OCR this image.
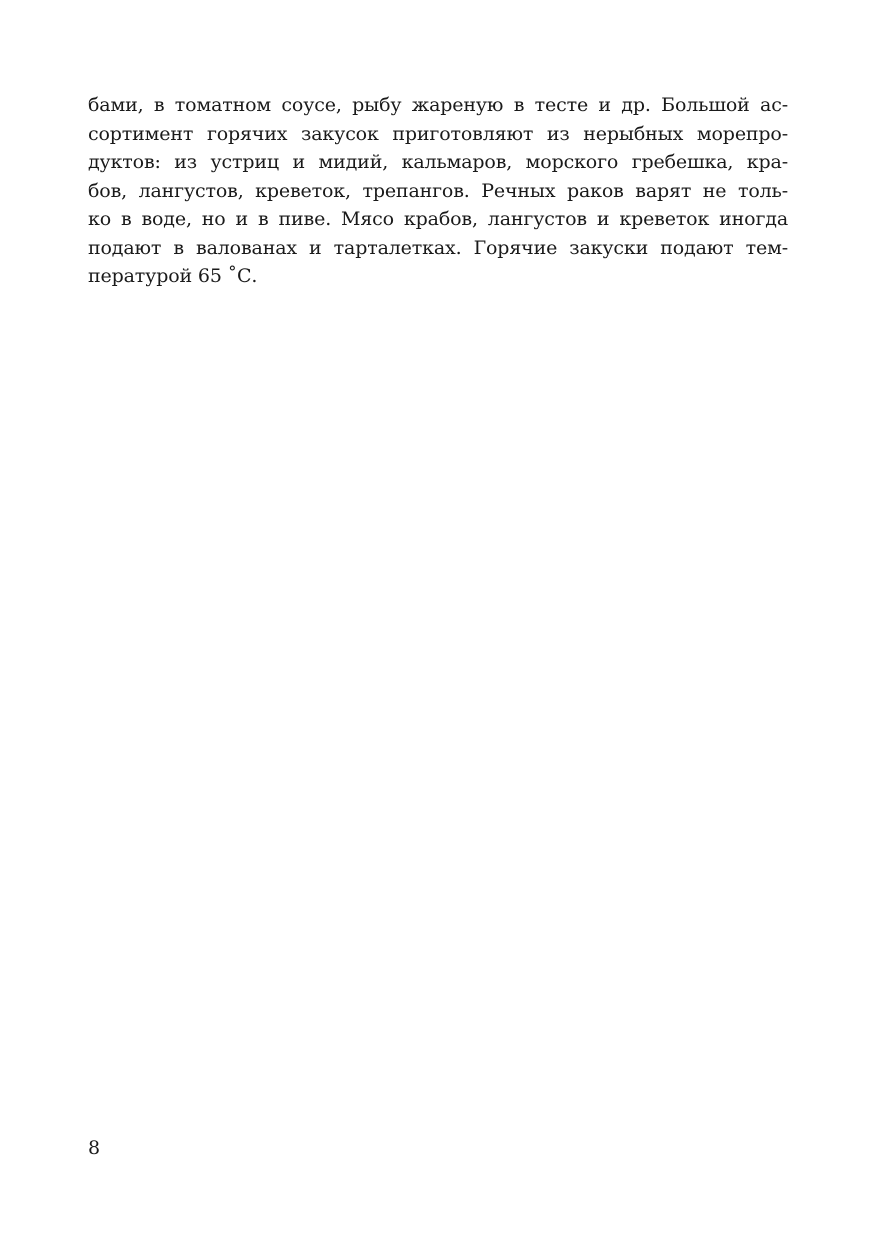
бами, в томатном соусе, рыбу жареную в тесте и др. Большой ас-
сортимент горячих закусок приготовляют из нерыбных морепро-
дуктов: из устриц и мидий, кальмаров, морского гребешка, кра-
бов, лангустов, креветок, трепангов. Речных раков варят не толь-
ко в воде, но и в пиве. Мясо крабов, лангустов и креветок иногда
подают в валованах и тарталетках. Горячие закуски подают тем-
пературой 65 ˚С.
8
